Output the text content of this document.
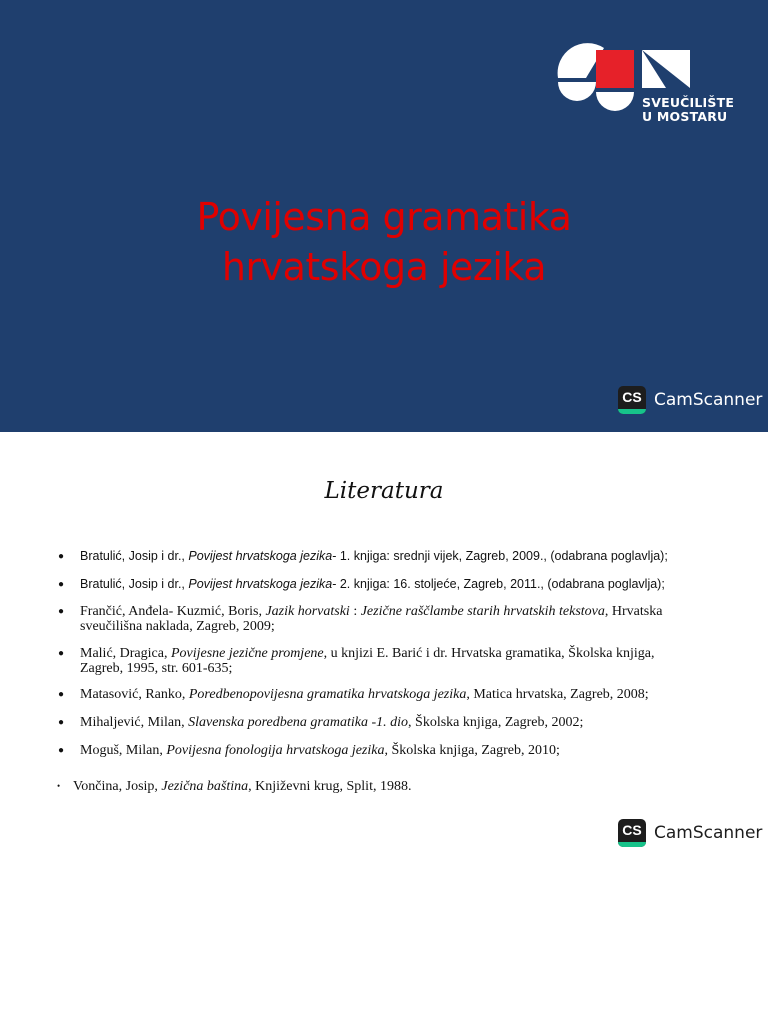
SVEUČILIŠTE
U MOSTARU
Povijesna gramatika
hrvatskoga jezika
CS CamScanner
Literatura
● Bratulić, Josip i dr., Povijest hrvatskoga jezika- 1. knjiga: srednji vijek, Zagreb, 2009., (odabrana poglavlja);
● Bratulić, Josip i dr., Povijest hrvatskoga jezika- 2. knjiga: 16. stoljeće, Zagreb, 2011., (odabrana poglavlja);
● Frančić, Anđela- Kuzmić, Boris, Jazik horvatski : Jezične raščlambe starih hrvatskih tekstova, Hrvatska
sveučilišna naklada, Zagreb, 2009;
● Malić, Dragica, Povijesne jezične promjene, u knjizi E. Barić i dr. Hrvatska gramatika, Školska knjiga,
Zagreb, 1995, str. 601-635;
● Matasović, Ranko, Poredbenopovijesna gramatika hrvatskoga jezika, Matica hrvatska, Zagreb, 2008;
● Mihaljević, Milan, Slavenska poredbena gramatika -1. dio, Školska knjiga, Zagreb, 2002;
● Moguš, Milan, Povijesna fonologija hrvatskoga jezika, Školska knjiga, Zagreb, 2010;
• Vončina, Josip, Jezična baština, Književni krug, Split, 1988.
CS CamScanner
